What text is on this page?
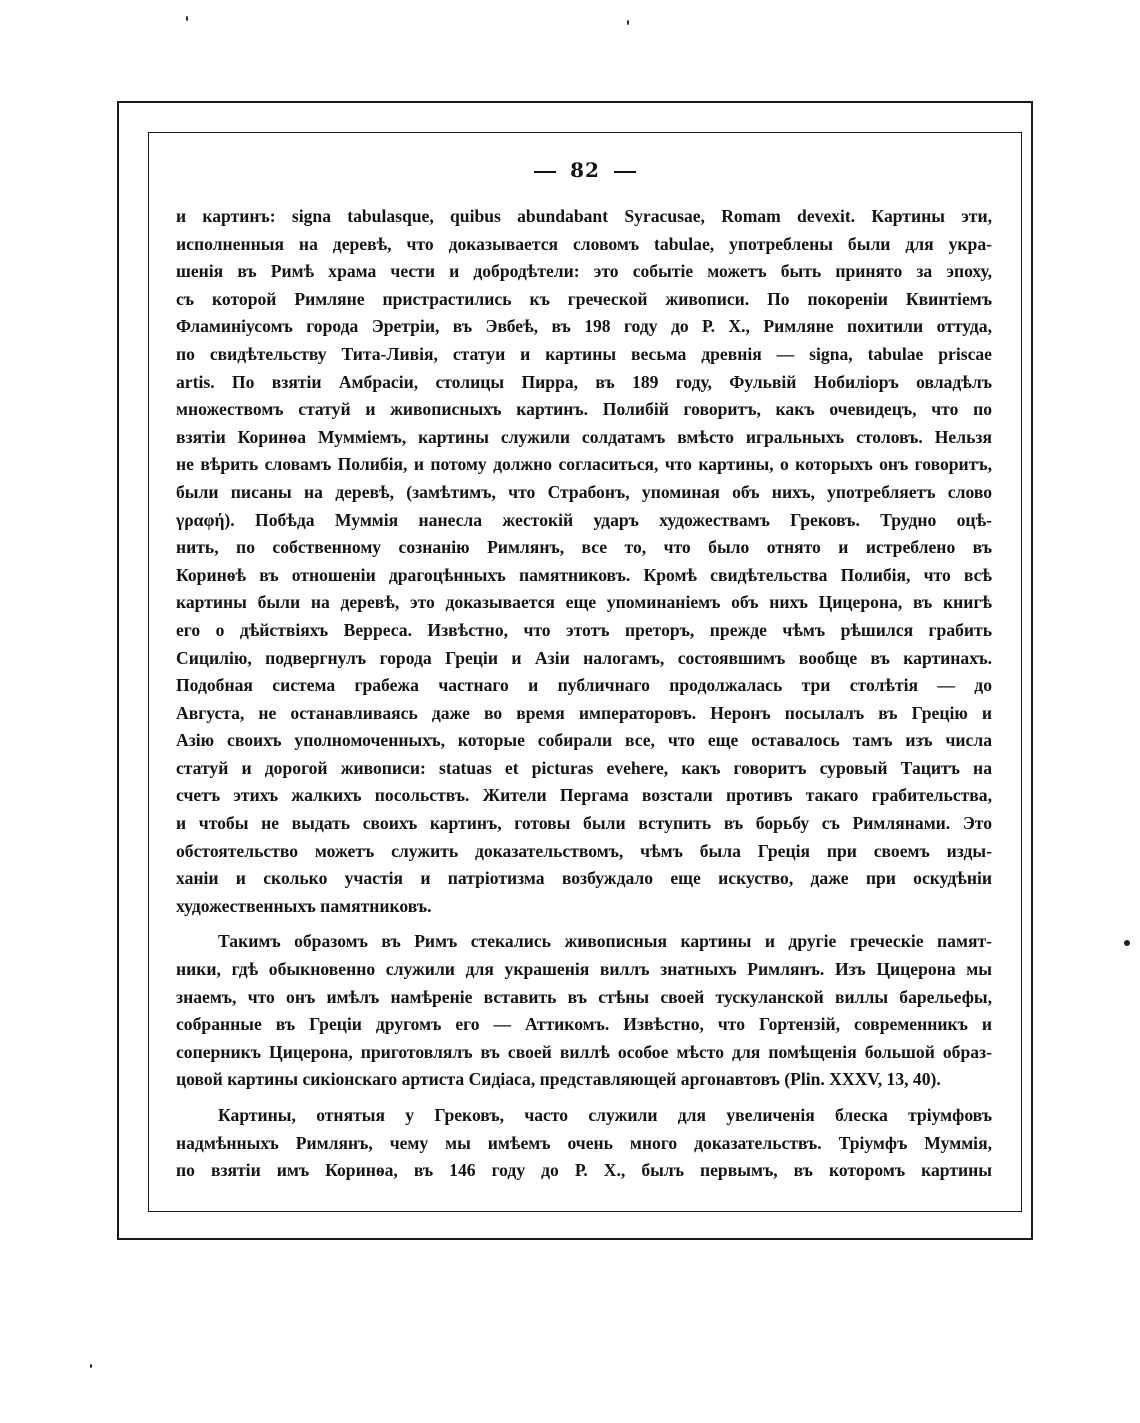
82
и картинъ: signa tabulasque, quibus abundabant Syracusae, Romam devexit. Картины эти,
исполненныя на деревѣ, что доказывается словомъ tabulae, употреблены были для укра-
шенія въ Римѣ храма чести и добродѣтели: это событіе можетъ быть принято за эпоху,
съ которой Римляне пристрастились къ греческой живописи. По покореніи Квинтіемъ
Фламиніусомъ города Эретріи, въ Эвбеѣ, въ 198 году до Р. Х., Римляне похитили оттуда,
по свидѣтельству Тита-Ливія, статуи и картины весьма древнія — signa, tabulae priscae
artis. По взятіи Амбрасіи, столицы Пирра, въ 189 году, Фульвій Нобиліоръ овладѣлъ
множествомъ статуй и живописныхъ картинъ. Полибій говоритъ, какъ очевидецъ, что по
взятіи Коринѳа Мумміемъ, картины служили солдатамъ вмѣсто игральныхъ столовъ. Нельзя
не вѣрить словамъ Полибія, и потому должно согласиться, что картины, о которыхъ онъ говоритъ,
были писаны на деревѣ, (замѣтимъ, что Страбонъ, упоминая объ нихъ, употребляетъ слово
γραφή). Побѣда Муммія нанесла жестокій ударъ художествамъ Грековъ. Трудно оцѣ-
нить, по собственному сознанію Римлянъ, все то, что было отнято и истреблено въ
Коринѳѣ въ отношеніи драгоцѣнныхъ памятниковъ. Кромѣ свидѣтельства Полибія, что всѣ
картины были на деревѣ, это доказывается еще упоминаніемъ объ нихъ Цицерона, въ книгѣ
его о дѣйствіяхъ Верреса. Извѣстно, что этотъ преторъ, прежде чѣмъ рѣшился грабить
Сицилію, подвергнулъ города Греціи и Азіи налогамъ, состоявшимъ вообще въ картинахъ.
Подобная система грабежа частнаго и публичнаго продолжалась три столѣтія — до
Августа, не останавливаясь даже во время императоровъ. Неронъ посылалъ въ Грецію и
Азію своихъ уполномоченныхъ, которые собирали все, что еще оставалось тамъ изъ числа
статуй и дорогой живописи: statuas et picturas evehere, какъ говоритъ суровый Тацитъ на
счетъ этихъ жалкихъ посольствъ. Жители Пергама возстали противъ такаго грабительства,
и чтобы не выдать своихъ картинъ, готовы были вступить въ борьбу съ Римлянами. Это
обстоятельство можетъ служить доказательствомъ, чѣмъ была Греція при своемъ изды-
ханіи и сколько участія и патріотизма возбуждало еще искуство, даже при оскудѣніи
художественныхъ памятниковъ.
Такимъ образомъ въ Римъ стекались живописныя картины и другіе греческіе памят-
ники, гдѣ обыкновенно служили для украшенія виллъ знатныхъ Римлянъ. Изъ Цицерона мы
знаемъ, что онъ имѣлъ намѣреніе вставить въ стѣны своей тускуланской виллы барельефы,
собранные въ Греціи другомъ его — Аттикомъ. Извѣстно, что Гортензій, современникъ и
соперникъ Цицерона, приготовлялъ въ своей виллѣ особое мѣсто для помѣщенія большой образ-
цовой картины сикіонскаго артиста Сидіаса, представляющей аргонавтовъ (Plin. XXXV, 13, 40).
Картины, отнятыя у Грековъ, часто служили для увеличенія блеска тріумфовъ
надмѣнныхъ Римлянъ, чему мы имѣемъ очень много доказательствъ. Тріумфъ Муммія,
по взятіи имъ Коринѳа, въ 146 году до Р. Х., былъ первымъ, въ которомъ картины
